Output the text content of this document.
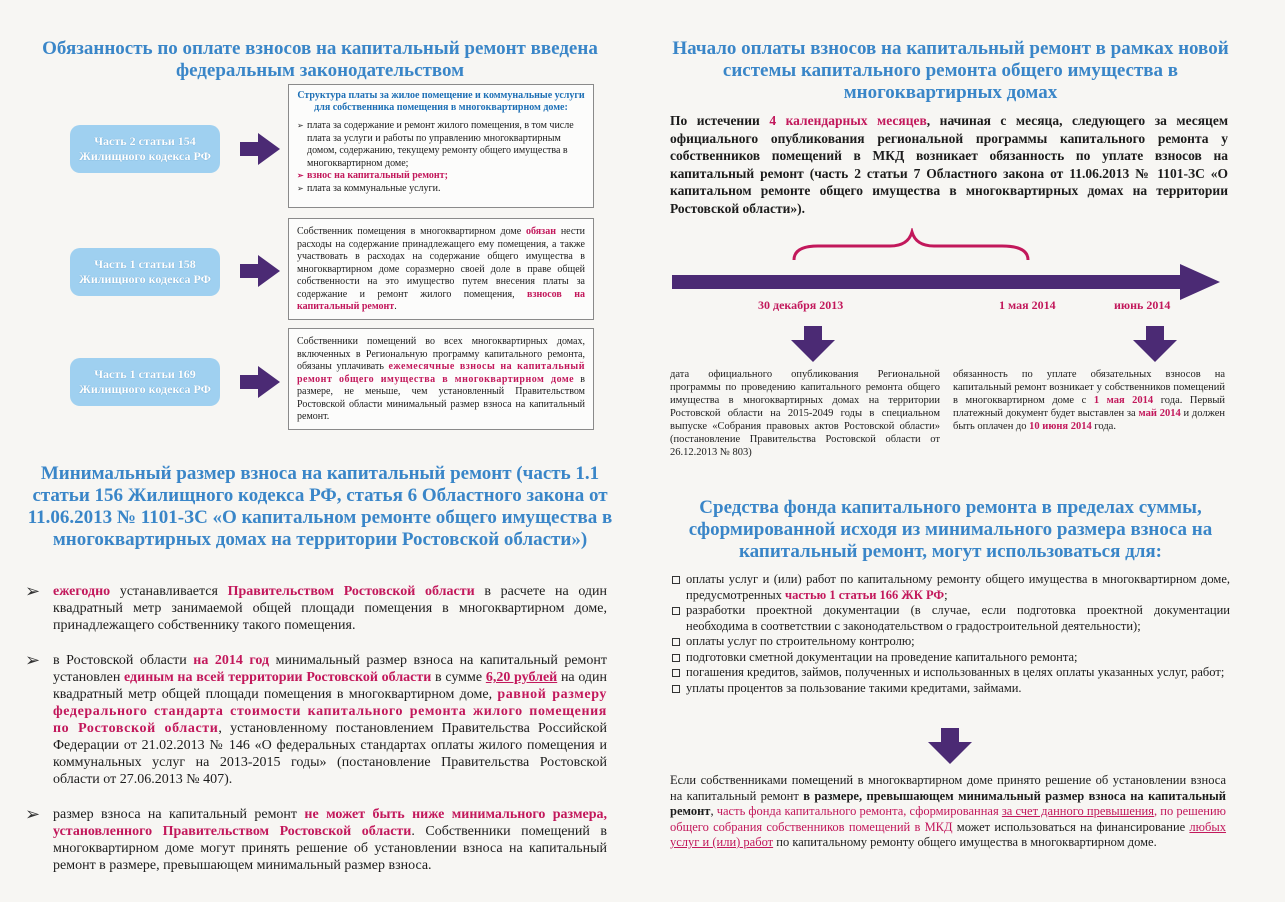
Обязанность по оплате взносов на капитальный ремонт введена федеральным законодательством
Часть 2 статьи 154 Жилищного кодекса РФ
Структура платы за жилое помещение и коммунальные услуги для собственника помещения в многоквартирном доме:
➢ плата за содержание и ремонт жилого помещения, в том числе плата за услуги и работы по управлению многоквартирным домом, содержанию, текущему ремонту общего имущества в многоквартирном доме;
➢ взнос на капитальный ремонт;
➢ плата за коммунальные услуги.
Часть 1 статьи 158 Жилищного кодекса РФ
Собственник помещения в многоквартирном доме обязан нести расходы на содержание принадлежащего ему помещения, а также участвовать в расходах на содержание общего имущества в многоквартирном доме соразмерно своей доле в праве общей собственности на это имущество путем внесения платы за содержание и ремонт жилого помещения, взносов на капитальный ремонт.
Часть 1 статьи 169 Жилищного кодекса РФ
Собственники помещений во всех многоквартирных домах, включенных в Региональную программу капитального ремонта, обязаны уплачивать ежемесячные взносы на капитальный ремонт общего имущества в многоквартирном доме в размере, не меньше, чем установленный Правительством Ростовской области минимальный размер взноса на капитальный ремонт.
Минимальный размер взноса на капитальный ремонт (часть 1.1 статьи 156 Жилищного кодекса РФ, статья 6 Областного закона от 11.06.2013 № 1101-ЗС «О капитальном ремонте общего имущества в многоквартирных домах на территории Ростовской области»)
➢ ежегодно устанавливается Правительством Ростовской области в расчете на один квадратный метр занимаемой общей площади помещения в многоквартирном доме, принадлежащего собственнику такого помещения.
➢ в Ростовской области на 2014 год минимальный размер взноса на капитальный ремонт установлен единым на всей территории Ростовской области в сумме 6,20 рублей на один квадратный метр общей площади помещения в многоквартирном доме, равной размеру федерального стандарта стоимости капитального ремонта жилого помещения по Ростовской области, установленному постановлением Правительства Российской Федерации от 21.02.2013 № 146 «О федеральных стандартах оплаты жилого помещения и коммунальных услуг на 2013-2015 годы» (постановление Правительства Ростовской области от 27.06.2013 № 407).
➢ размер взноса на капитальный ремонт не может быть ниже минимального размера, установленного Правительством Ростовской области. Собственники помещений в многоквартирном доме могут принять решение об установлении взноса на капитальный ремонт в размере, превышающем минимальный размер взноса.
Начало оплаты взносов на капитальный ремонт в рамках новой системы капитального ремонта общего имущества в многоквартирных домах
По истечении 4 календарных месяцев, начиная с месяца, следующего за месяцем официального опубликования региональной программы капитального ремонта у собственников помещений в МКД возникает обязанность по уплате взносов на капитальный ремонт (часть 2 статьи 7 Областного закона от 11.06.2013 № 1101-ЗС «О капитальном ремонте общего имущества в многоквартирных домах на территории Ростовской области»).
30 декабря 2013	1 мая 2014	июнь 2014
дата официального опубликования Региональной программы по проведению капитального ремонта общего имущества в многоквартирных домах на территории Ростовской области на 2015-2049 годы в специальном выпуске «Собрания правовых актов Ростовской области» (постановление Правительства Ростовской области от 26.12.2013 № 803)
обязанность по уплате обязательных взносов на капитальный ремонт возникает у собственников помещений в многоквартирном доме с 1 мая 2014 года. Первый платежный документ будет выставлен за май 2014 и должен быть оплачен до 10 июня 2014 года.
Средства фонда капитального ремонта в пределах суммы, сформированной исходя из минимального размера взноса на капитальный ремонт, могут использоваться для:
оплаты услуг и (или) работ по капитальному ремонту общего имущества в многоквартирном доме, предусмотренных частью 1 статьи 166 ЖК РФ;
разработки проектной документации (в случае, если подготовка проектной документации необходима в соответствии с законодательством о градостроительной деятельности);
оплаты услуг по строительному контролю;
подготовки сметной документации на проведение капитального ремонта;
погашения кредитов, займов, полученных и использованных в целях оплаты указанных услуг, работ;
уплаты процентов за пользование такими кредитами, займами.
Если собственниками помещений в многоквартирном доме принято решение об установлении взноса на капитальный ремонт в размере, превышающем минимальный размер взноса на капитальный ремонт, часть фонда капитального ремонта, сформированная за счет данного превышения, по решению общего собрания собственников помещений в МКД может использоваться на финансирование любых услуг и (или) работ по капитальному ремонту общего имущества в многоквартирном доме.
